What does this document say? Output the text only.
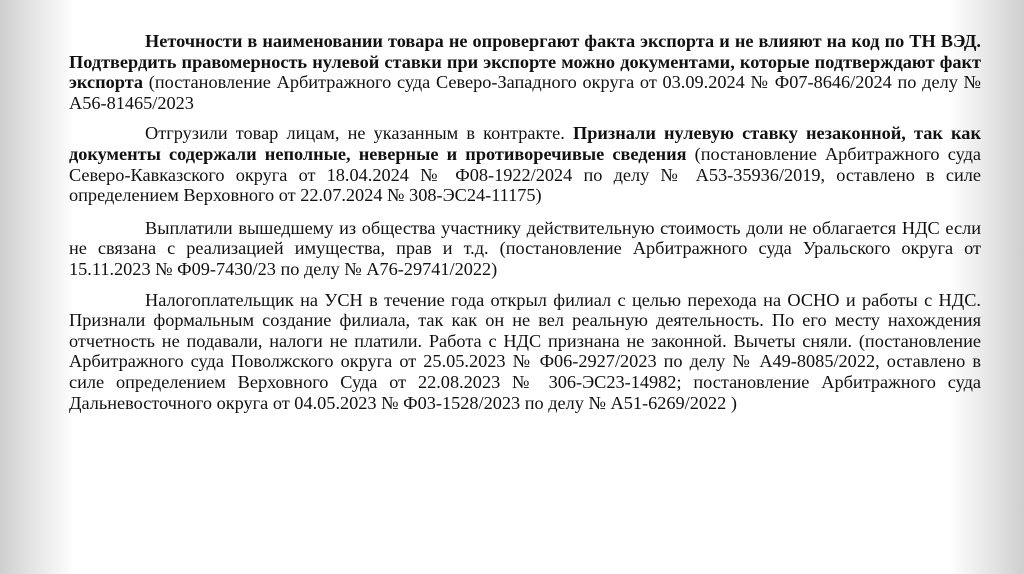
Неточности в наименовании товара не опровергают факта экспорта и не влияют на код по ТН ВЭД. Подтвердить правомерность нулевой ставки при экспорте можно документами, которые подтверждают факт экспорта (постановление Арбитражного суда Северо-Западного округа от 03.09.2024 № Ф07-8646/2024 по делу № А56-81465/2023

Отгрузили товар лицам, не указанным в контракте. Признали нулевую ставку незаконной, так как документы содержали неполные, неверные и противоречивые сведения (постановление Арбитражного суда Северо-Кавказского округа от 18.04.2024 № Ф08-1922/2024 по делу № А53-35936/2019, оставлено в силе определением Верховного от 22.07.2024 № 308-ЭС24-11175)

Выплатили вышедшему из общества участнику действительную стоимость доли не облагается НДС если не связана с реализацией имущества, прав и т.д. (постановление Арбитражного суда Уральского округа от 15.11.2023 № Ф09-7430/23 по делу № А76-29741/2022)

Налогоплательщик на УСН в течение года открыл филиал с целью перехода на ОСНО и работы с НДС. Признали формальным создание филиала, так как он не вел реальную деятельность. По его месту нахождения отчетность не подавали, налоги не платили. Работа с НДС признана не законной. Вычеты сняли. (постановление Арбитражного суда Поволжского округа от 25.05.2023 № Ф06-2927/2023 по делу № А49-8085/2022, оставлено в силе определением Верховного Суда от 22.08.2023 № 306-ЭС23-14982; постановление Арбитражного суда Дальневосточного округа от 04.05.2023 № Ф03-1528/2023 по делу № А51-6269/2022 )
